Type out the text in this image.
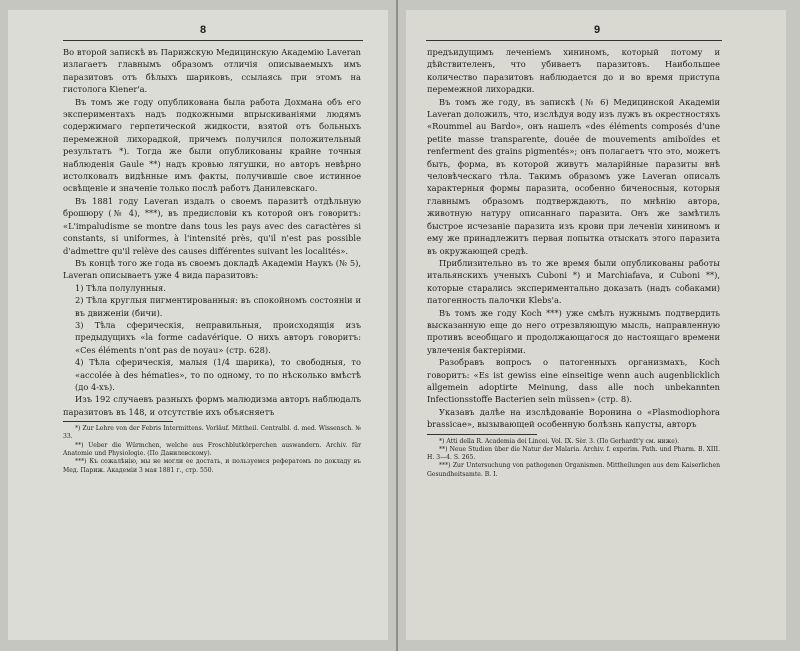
8

Во второй запискѣ въ Парижскую Медицинскую Академію Laveran излагаетъ главнымъ образомъ отличія описываемыхъ имъ паразитовъ отъ бѣлыхъ шариковъ, ссылаясь при этомъ на гистолога Kiener'a.

Въ томъ же году опубликована была работа Дохмана объ его экспериментахъ надъ подкожными впрыскиваніями людямъ содержимаго герпетической жидкости, взятой отъ больныхъ перемежной лихорадкой, причемъ получился положительный результатъ *). Тогда же были опубликованы крайне точныя наблюденія Gaule **) надъ кровью лягушки, но авторъ невѣрно истолковалъ видѣнные имъ факты, получившіе свое истинное освѣщеніе и значеніе только послѣ работъ Данилевскаго.

Въ 1881 году Laveran издалъ о своемъ паразитѣ отдѣльную брошюру (№ 4), ***), въ предисловіи къ которой онъ говоритъ: «L'impaludisme se montre dans tous les pays avec des caractères si constants, si uniformes, à l'intensité près, qu'il n'est pas possible d'admettre qu'il relève des causes différentes suivant les localités».

Въ концѣ того же года въ своемъ докладѣ Академіи Наукъ (№ 5), Laveran описываетъ уже 4 вида паразитовъ:

1) Тѣла полулунныя.

2) Тѣла круглыя пигментированныя: въ спокойномъ состояніи и въ движеніи (бичи).

3) Тѣла сферическія, неправильныя, происходящія изъ предыдущихъ «la forme cadavérique. О нихъ авторъ говоритъ: «Ces éléments n'ont pas de noyau» (стр. 628).

4) Тѣла сферическія, малыя (1/4 шарика), то свободныя, то «accolée à des hématies», то по одному, то по нѣсколько вмѣстѣ (до 4-хъ).

Изъ 192 случаевъ разныхъ формъ малюдизма авторъ наблюдалъ паразитовъ въ 148, и отсутствіе ихъ объясняетъ

*) Zur Lehre von der Febris Intermittens. Vorläuf. Mittheil. Centralbl. d. med. Wissensch. № 33.

**) Ueber die Würmchen, welche aus Froschblutkörperchen auswandern. Archiv. für Anatomie und Physiologie. (По Данилевскому).

***) Къ сожалѣнію, мы не могли ее достать, и пользуемся рефератомъ по докладу въ Мед. Париж. Академіи 3 мая 1881 г., стр. 550.

9

предъидущимъ леченіемъ хининомъ, который потому и дѣйствителенъ, что убиваетъ паразитовъ. Наибольшее количество паразитовъ наблюдается до и во время приступа перемежной лихорадки.

Въ томъ же году, въ запискѣ (№ 6) Медицинской Академіи Laveran доложилъ, что, изслѣдуя воду изъ лужъ въ окрестностяхъ «Roummel au Bardo», онъ нашелъ «des éléments composés d'une petite masse transparente, douée de mouvements amiboïdes et renferment des grains pigmentés»; онъ полагаетъ что это, можетъ быть, форма, въ которой живутъ маларійные паразиты внѣ человѣческаго тѣла. Такимъ образомъ уже Laveran описалъ характерныя формы паразита, особенно биченосныя, которыя главнымъ образомъ подтверждаютъ, по мнѣнію автора, животную натуру описаннаго паразита. Онъ же замѣтилъ быстрое исчезаніе паразита изъ крови при леченіи хининомъ и ему же принадлежитъ первая попытка отыскать этого паразита въ окружающей средѣ.

Приблизительно въ то же время были опубликованы работы итальянскихъ ученыхъ Cuboni *) и Marchiafava, и Cuboni **), которые старались экспериментально доказать (надъ собаками) патогенность палочки Klebs'a.

Въ томъ же году Koch ***) уже смѣлъ нужнымъ подтвердить высказанную еще до него отрезвляющую мысль, направленную противъ всеобщаго и продолжающагося до настоящаго времени увлеченія бактеріями.

Разобравъ вопросъ о патогенныхъ организмахъ, Koch говоритъ: «Es ist gewiss eine einseitige wenn auch augenblicklich allgemein adoptirte Meinung, dass alle noch unbekannten Infectionsstoffe Bacterien sein müssen» (стр. 8).

Указавъ далѣе на изслѣдованіе Воронина о «Plasmodiophora brassicae», вызывающей особенную болѣзнь капусты, авторъ

*) Atti della R. Academia dei Lincei. Vol. IX. Sèr. 3. (По Gerhardt'y см. ниже).

**) Neue Studien über die Natur der Malaria. Archiv. f. experim. Path. und Pharm. B. XIII. H. 3—4. S. 265.

***) Zur Untersuchung von pathogenen Organismen. Mittheilungen aus dem Kaiserlichen Gesundheitsamte. B. I.
